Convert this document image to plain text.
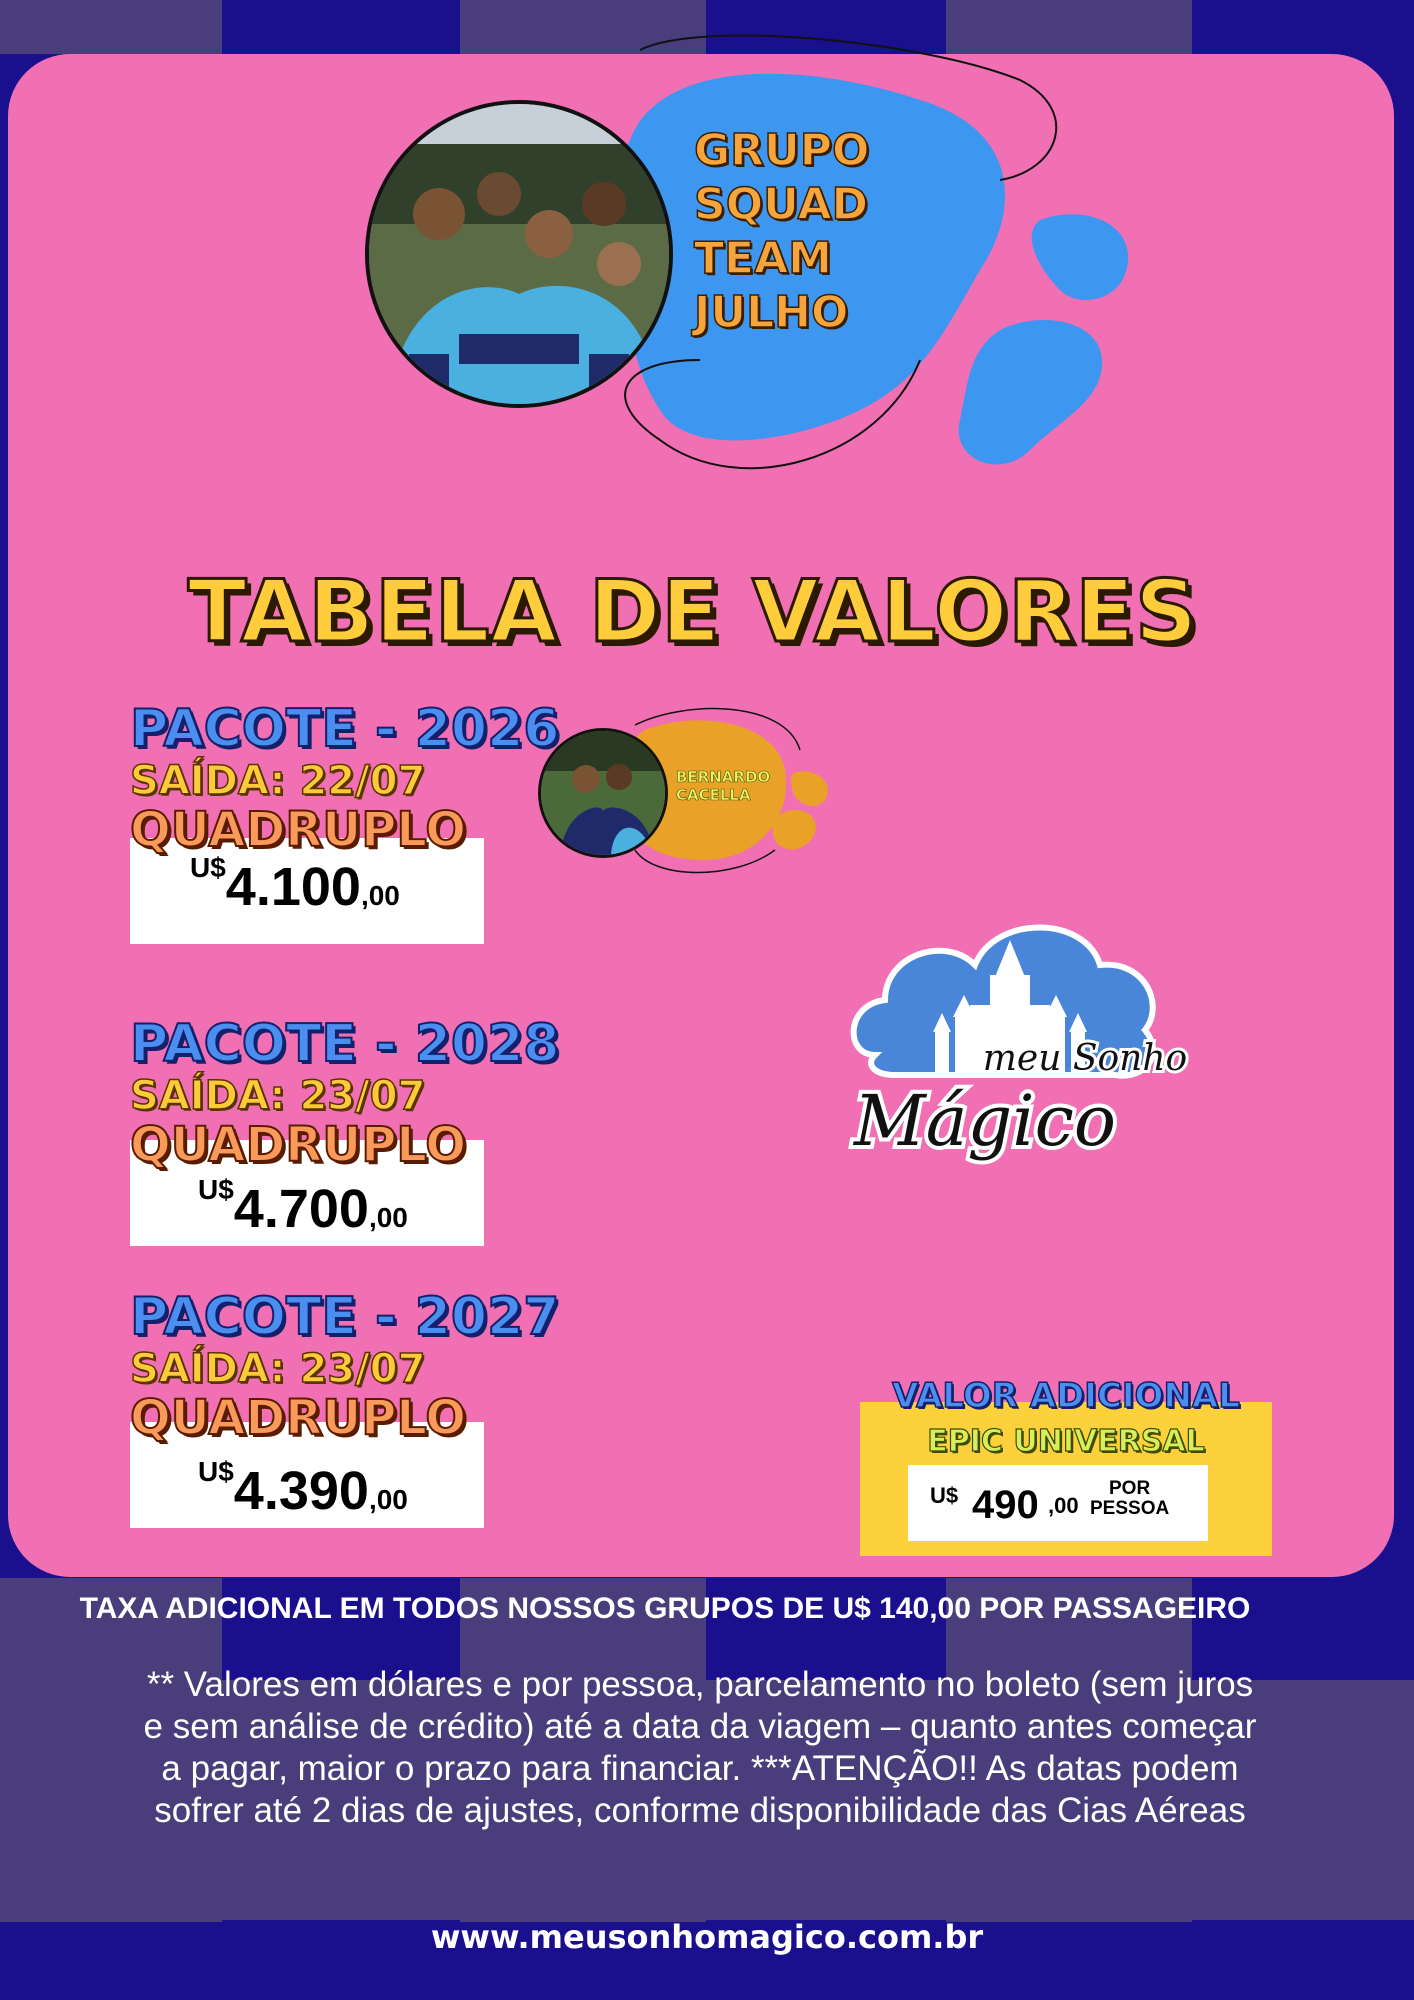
GRUPO
SQUAD
TEAM
JULHO
TABELA DE VALORES
PACOTE - 2026
SAÍDA: 22/07
QUADRUPLO
U$4.100,00
PACOTE - 2028
SAÍDA: 23/07
QUADRUPLO
U$4.700,00
PACOTE - 2027
SAÍDA: 23/07
QUADRUPLO
U$4.390,00
BERNARDO
CACELLA
meu Sonho
Mágico
VALOR ADICIONAL
EPIC UNIVERSAL
U$ 490 ,00
POR
PESSOA
TAXA ADICIONAL EM TODOS NOSSOS GRUPOS DE U$ 140,00 POR PASSAGEIRO
** Valores em dólares e por pessoa, parcelamento no boleto (sem juros
e sem análise de crédito) até a data da viagem – quanto antes começar
a pagar, maior o prazo para financiar. ***ATENÇÃO!! As datas podem
sofrer até 2 dias de ajustes, conforme disponibilidade das Cias Aéreas
www.meusonhomagico.com.br
